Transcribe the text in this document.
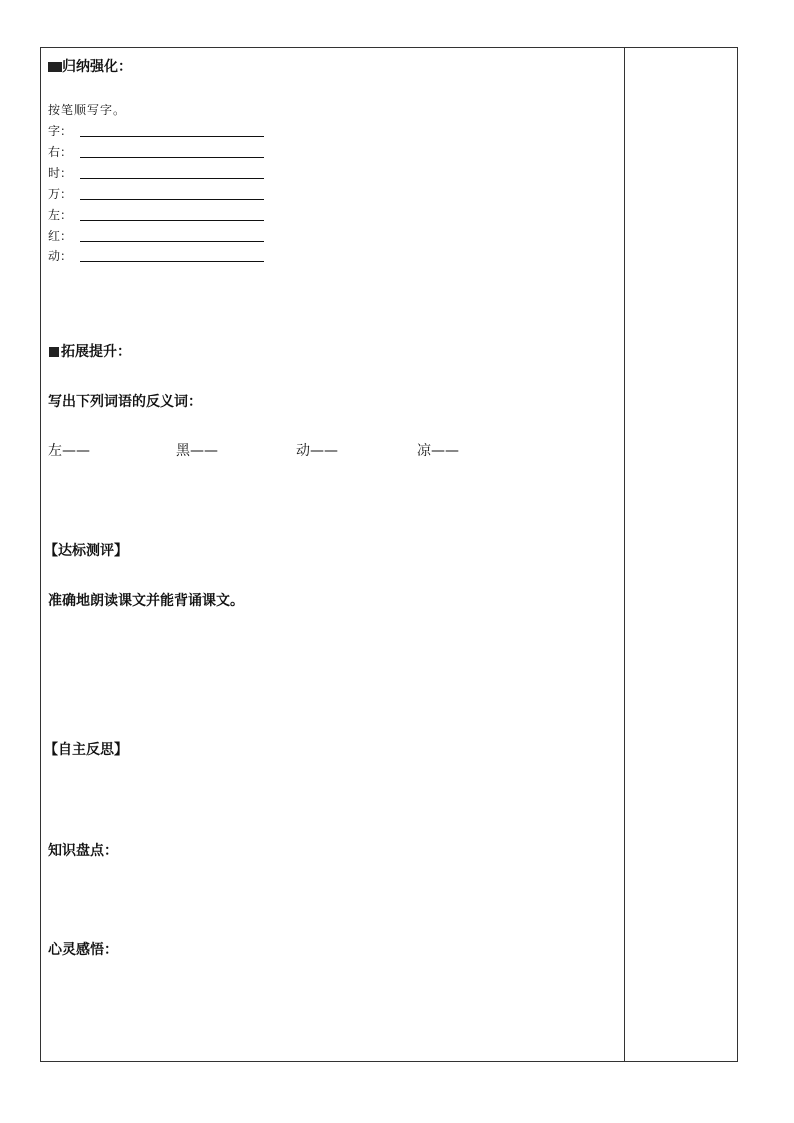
归纳强化：
按笔顺写字。
字：
右：
时：
万：
左：
红：
动：
拓展提升：
写出下列词语的反义词：
左——	黑——	动——	凉——
【达标测评】
准确地朗读课文并能背诵课文。
【自主反思】
知识盘点：
心灵感悟：
